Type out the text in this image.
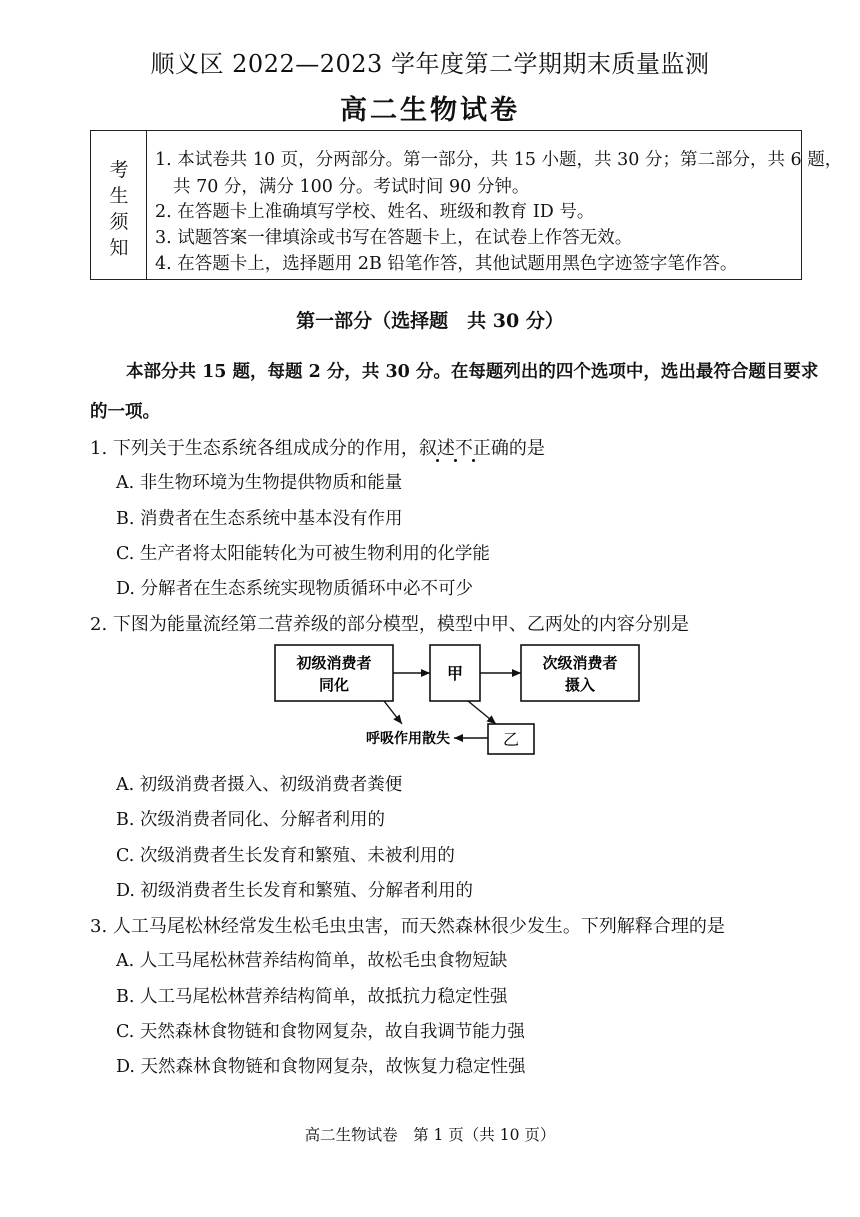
顺义区 2022—2023 学年度第二学期期末质量监测
高二生物试卷
考
生
须
知
1. 本试卷共 10 页，分两部分。第一部分，共 15 小题，共 30 分；第二部分，共 6 题，
共 70 分，满分 100 分。考试时间 90 分钟。
2. 在答题卡上准确填写学校、姓名、班级和教育 ID 号。
3. 试题答案一律填涂或书写在答题卡上，在试卷上作答无效。
4. 在答题卡上，选择题用 2B 铅笔作答，其他试题用黑色字迹签字笔作答。
第一部分（选择题　共 30 分）
本部分共 15 题，每题 2 分，共 30 分。在每题列出的四个选项中，选出最符合题目要求
的一项。
1. 下列关于生态系统各组成成分的作用，叙述不正确的是
A. 非生物环境为生物提供物质和能量
B. 消费者在生态系统中基本没有作用
C. 生产者将太阳能转化为可被生物利用的化学能
D. 分解者在生态系统实现物质循环中必不可少
2. 下图为能量流经第二营养级的部分模型，模型中甲、乙两处的内容分别是
初级消费者
同化
甲
次级消费者
摄入
乙
呼吸作用散失
A. 初级消费者摄入、初级消费者粪便
B. 次级消费者同化、分解者利用的
C. 次级消费者生长发育和繁殖、未被利用的
D. 初级消费者生长发育和繁殖、分解者利用的
3. 人工马尾松林经常发生松毛虫虫害，而天然森林很少发生。下列解释合理的是
A. 人工马尾松林营养结构简单，故松毛虫食物短缺
B. 人工马尾松林营养结构简单，故抵抗力稳定性强
C. 天然森林食物链和食物网复杂，故自我调节能力强
D. 天然森林食物链和食物网复杂，故恢复力稳定性强
高二生物试卷　第 1 页（共 10 页）
